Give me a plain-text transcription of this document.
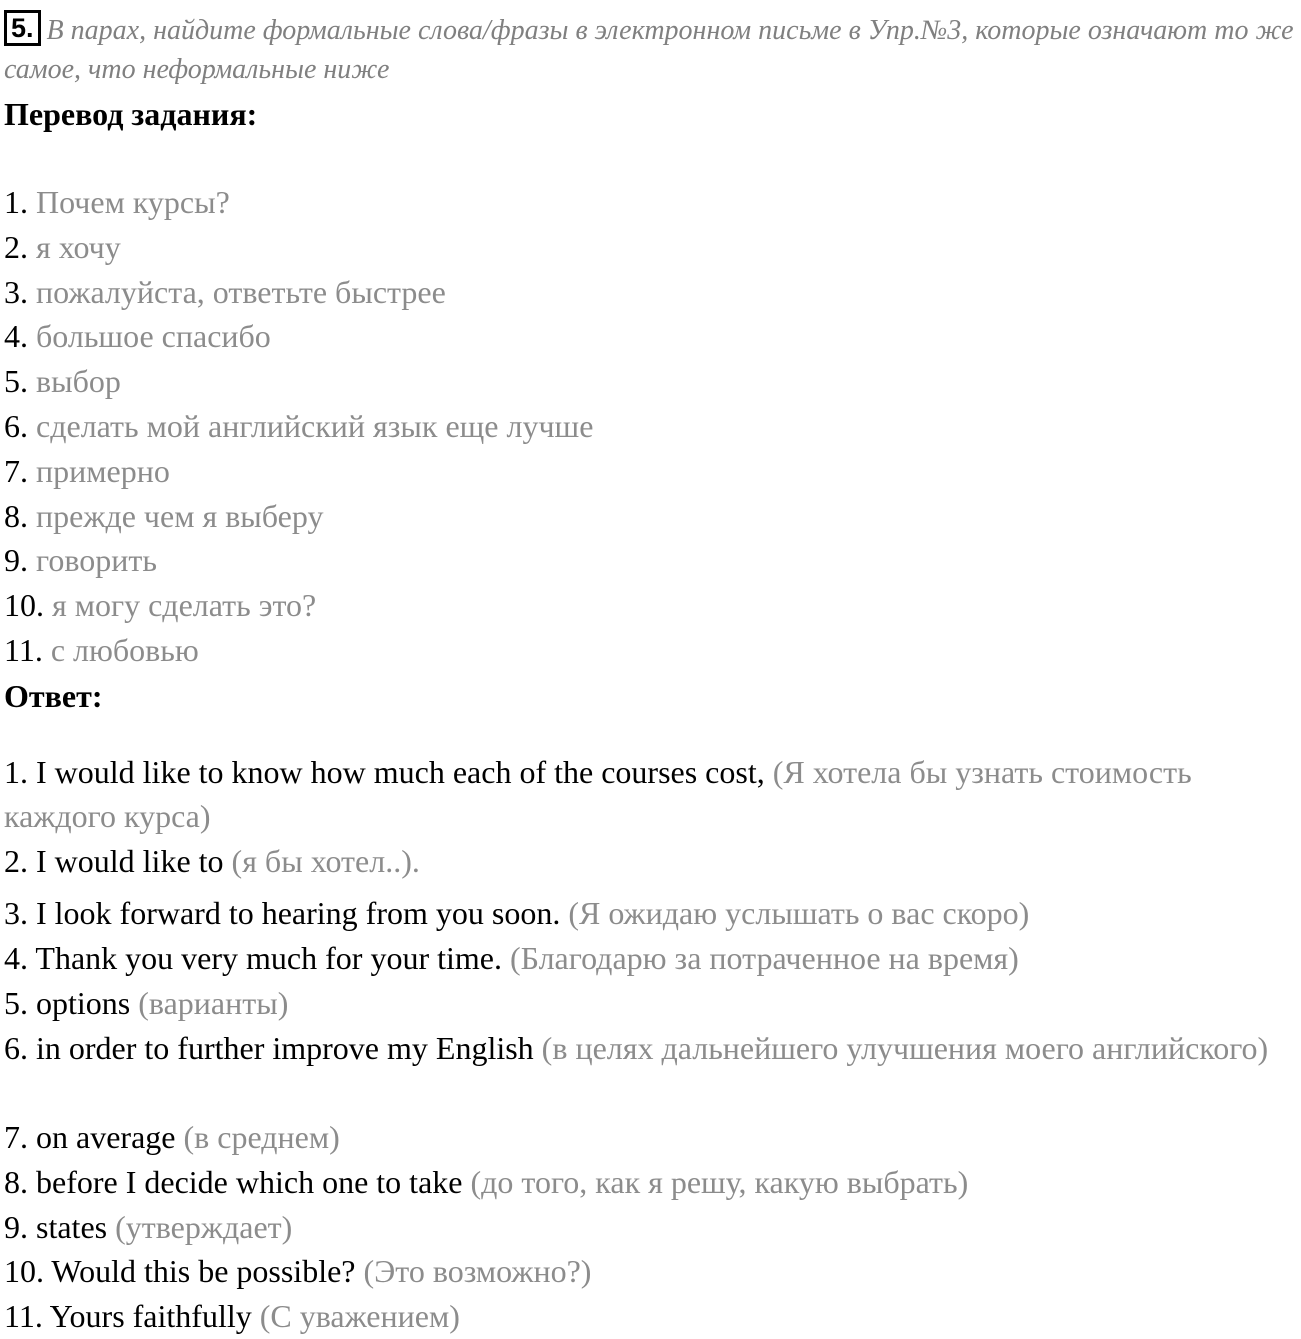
5. В парах, найдите формальные слова/фразы в электронном письме в Упр.№3, которые означают то же самое, что неформальные ниже
Перевод задания:
1. Почем курсы?
2. я хочу
3. пожалуйста, ответьте быстрее
4. большое спасибо
5. выбор
6. сделать мой английский язык еще лучше
7. примерно
8. прежде чем я выберу
9. говорить
10. я могу сделать это?
11. с любовью
Ответ:
1. I would like to know how much each of the courses cost, (Я хотела бы узнать стоимость каждого курса)
2. I would like to (я бы хотел..).
3. I look forward to hearing from you soon. (Я ожидаю услышать о вас скоро)
4. Thank you very much for your time. (Благодарю за потраченное на время)
5. options (варианты)
6. in order to further improve my English (в целях дальнейшего улучшения моего английского)
7. on average (в среднем)
8. before I decide which one to take (до того, как я решу, какую выбрать)
9. states (утверждает)
10. Would this be possible? (Это возможно?)
11. Yours faithfully (С уважением)
